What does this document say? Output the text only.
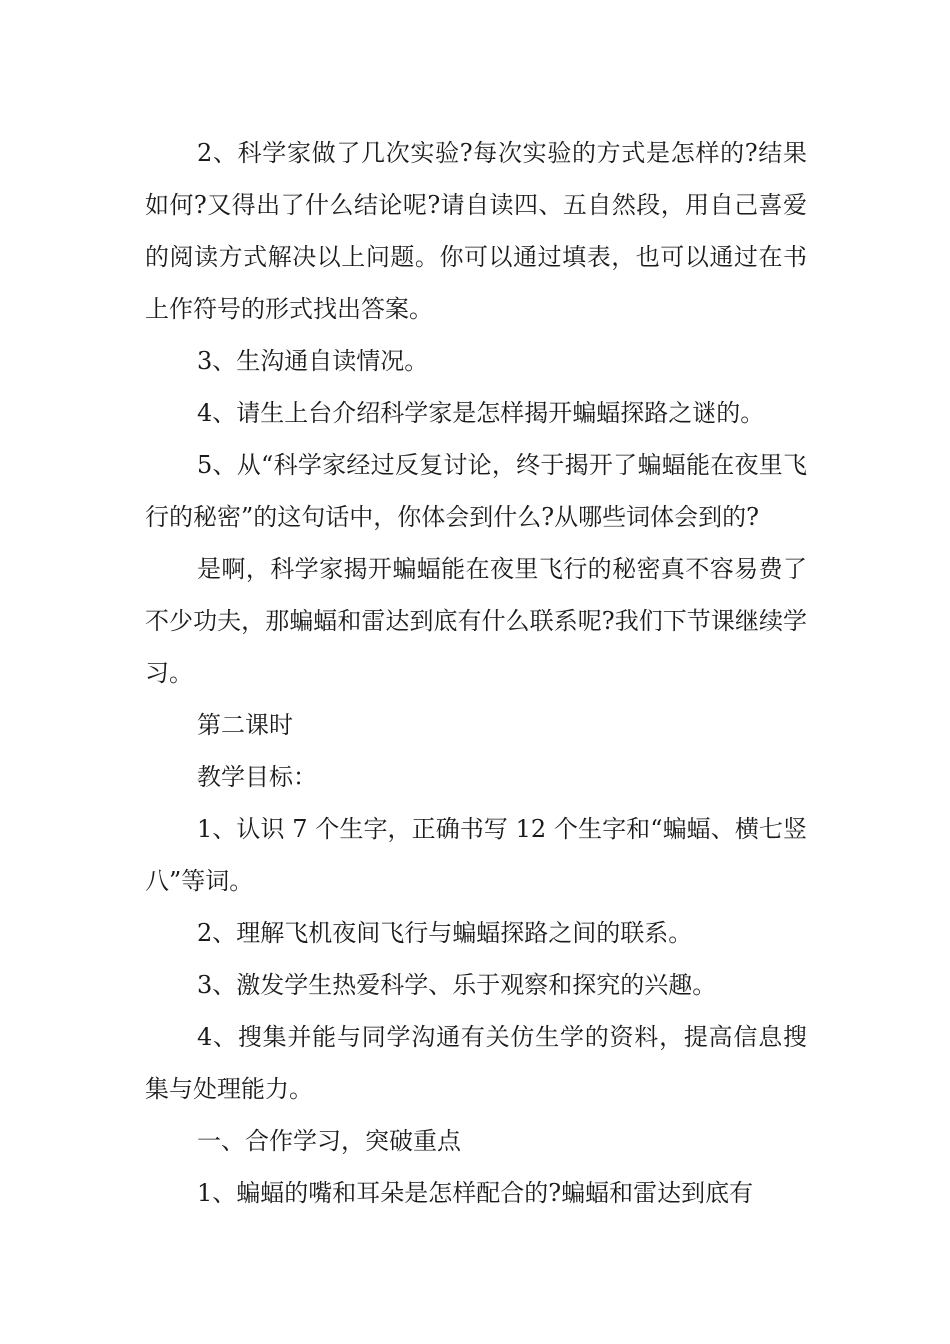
2、科学家做了几次实验?每次实验的方式是怎样的?结果如何?又得出了什么结论呢?请自读四、五自然段，用自己喜爱的阅读方式解决以上问题。你可以通过填表，也可以通过在书上作符号的形式找出答案。

3、生沟通自读情况。

4、请生上台介绍科学家是怎样揭开蝙蝠探路之谜的。

5、从“科学家经过反复讨论，终于揭开了蝙蝠能在夜里飞行的秘密”的这句话中，你体会到什么?从哪些词体会到的?

是啊，科学家揭开蝙蝠能在夜里飞行的秘密真不容易费了不少功夫，那蝙蝠和雷达到底有什么联系呢?我们下节课继续学习。

第二课时

教学目标：

1、认识 7 个生字，正确书写 12 个生字和“蝙蝠、横七竖八”等词。

2、理解飞机夜间飞行与蝙蝠探路之间的联系。

3、激发学生热爱科学、乐于观察和探究的兴趣。

4、搜集并能与同学沟通有关仿生学的资料，提高信息搜集与处理能力。

一、合作学习，突破重点

1、蝙蝠的嘴和耳朵是怎样配合的?蝙蝠和雷达到底有
